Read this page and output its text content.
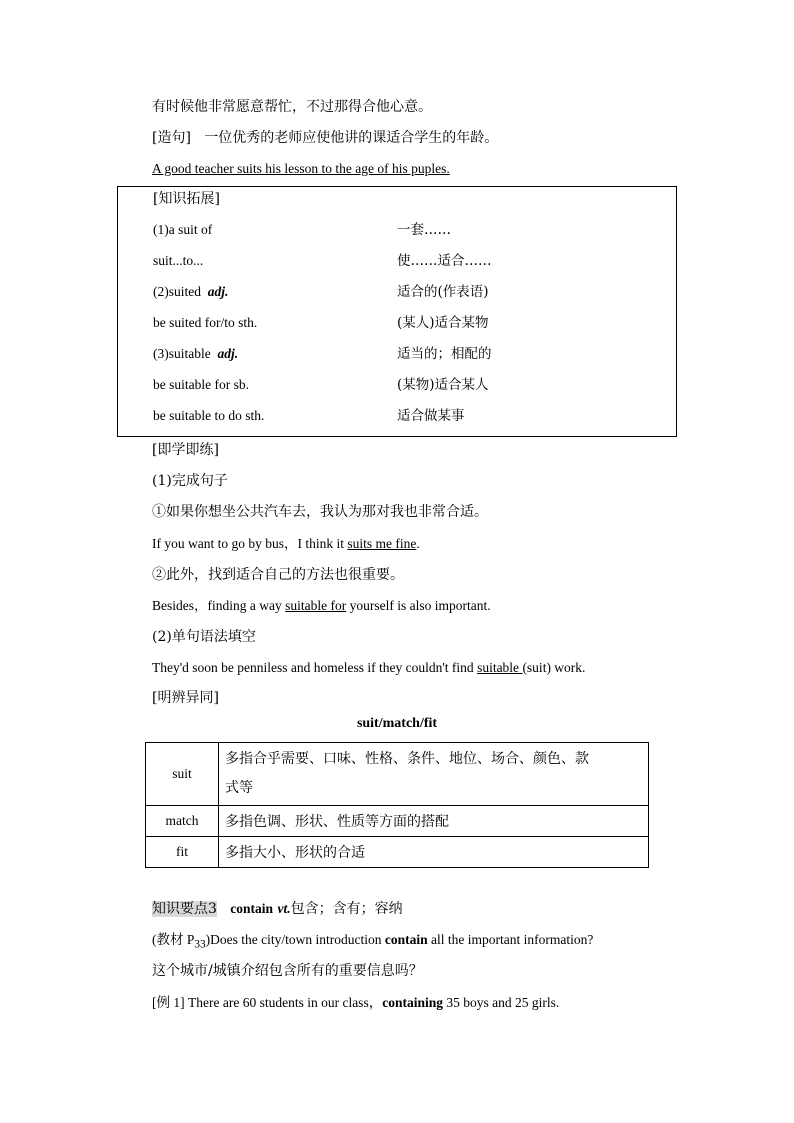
有时候他非常愿意帮忙，不过那得合他心意。
[造句] 一位优秀的老师应使他讲的课适合学生的年龄。
A good teacher suits his lesson to the age of his puples.
[知识拓展]
(1)a suit of	一套……
suit...to...	使……适合……
(2)suited adj.	适合的(作表语)
be suited for/to sth.	(某人)适合某物
(3)suitable adj.	适当的；相配的
be suitable for sb.	(某物)适合某人
be suitable to do sth.	适合做某事
[即学即练]
(1)完成句子
①如果你想坐公共汽车去，我认为那对我也非常合适。
If you want to go by bus，I think it suits me fine.
②此外，找到适合自己的方法也很重要。
Besides，finding a way suitable for yourself is also important.
(2)单句语法填空
They'd soon be penniless and homeless if they couldn't find suitable (suit) work.
[明辨异同]
suit/match/fit
suit	多指合乎需要、口味、性格、条件、地位、场合、颜色、款
式等
match	多指色调、形状、性质等方面的搭配
fit	多指大小、形状的合适
知识要点3 contain vt.包含；含有；容纳
(教材 $P_{33})Does$ the city/town introduction contain all the important information?
这个城市/城镇介绍包含所有的重要信息吗？
[例 1] There are 60 students in our class，containing 35 boys and 25 girls.
